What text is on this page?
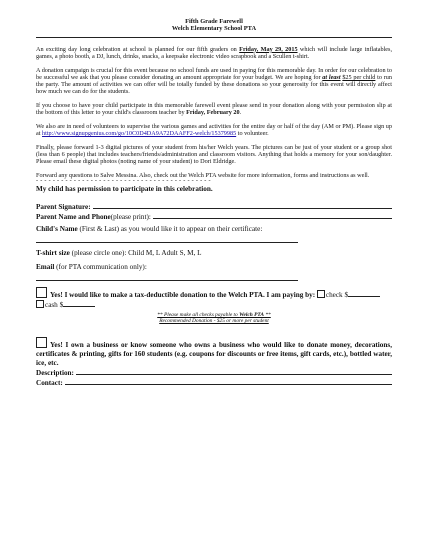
Fifth Grade Farewell
Welch Elementary School PTA

An exciting day long celebration at school is planned for our fifth graders on Friday, May 29, 2015 which will include large inflatables, games, a photo booth, a DJ, lunch, drinks, snacks, a keepsake electronic video scrapbook and a Scullen t-shirt.

A donation campaign is crucial for this event because no school funds are used in paying for this memorable day. In order for our celebration to be successful we ask that you please consider donating an amount appropriate for your budget. We are hoping for at least $25 per child to run the party. The amount of activities we can offer will be totally funded by these donations so your generosity for this event will directly affect how much we can do for the students.

If you choose to have your child participate in this memorable farewell event please send in your donation along with your permission slip at the bottom of this letter to your child's classroom teacher by Friday, February 20.

We also are in need of volunteers to supervise the various games and activities for the entire day or half of the day (AM or PM). Please sign up at http://www.signupgenius.com/go/10C0D4DA9A72DAAFF2-welch/15379985 to volunteer.

Finally, please forward 1-3 digital pictures of your student from his/her Welch years. The pictures can be just of your student or a group shot (less than 6 people) that includes teachers/friends/administration and classroom visitors. Anything that holds a memory for your son/daughter. Please email these digital photos (noting name of your student) to Dori Eldridge.

Forward any questions to Salve Messina. Also, check out the Welch PTA website for more information, forms and instructions as well.

- - - - - - - - - - - - - - - - - - - - - - - - - - - - - - - - - - - - - - - - - -
My child has permission to participate in this celebration.
Parent Signature:
Parent Name and Phone (please print):
Child's Name (First & Last) as you would like it to appear on their certificate:
T-shirt size (please circle one): Child M, L Adult S, M, L
Email (for PTA communication only):
Yes! I would like to make a tax-deductible donation to the Welch PTA. I am paying by: check $  cash $
** Please make all checks payable to Welch PTA **
Recommended Donation - $25 or more per student
Yes! I own a business or know someone who owns a business who would like to donate money, decorations, certificates & printing, gifts for 160 students (e.g. coupons for discounts or free items, gift cards, etc.), bottled water, ice, etc.
Description:
Contact:
